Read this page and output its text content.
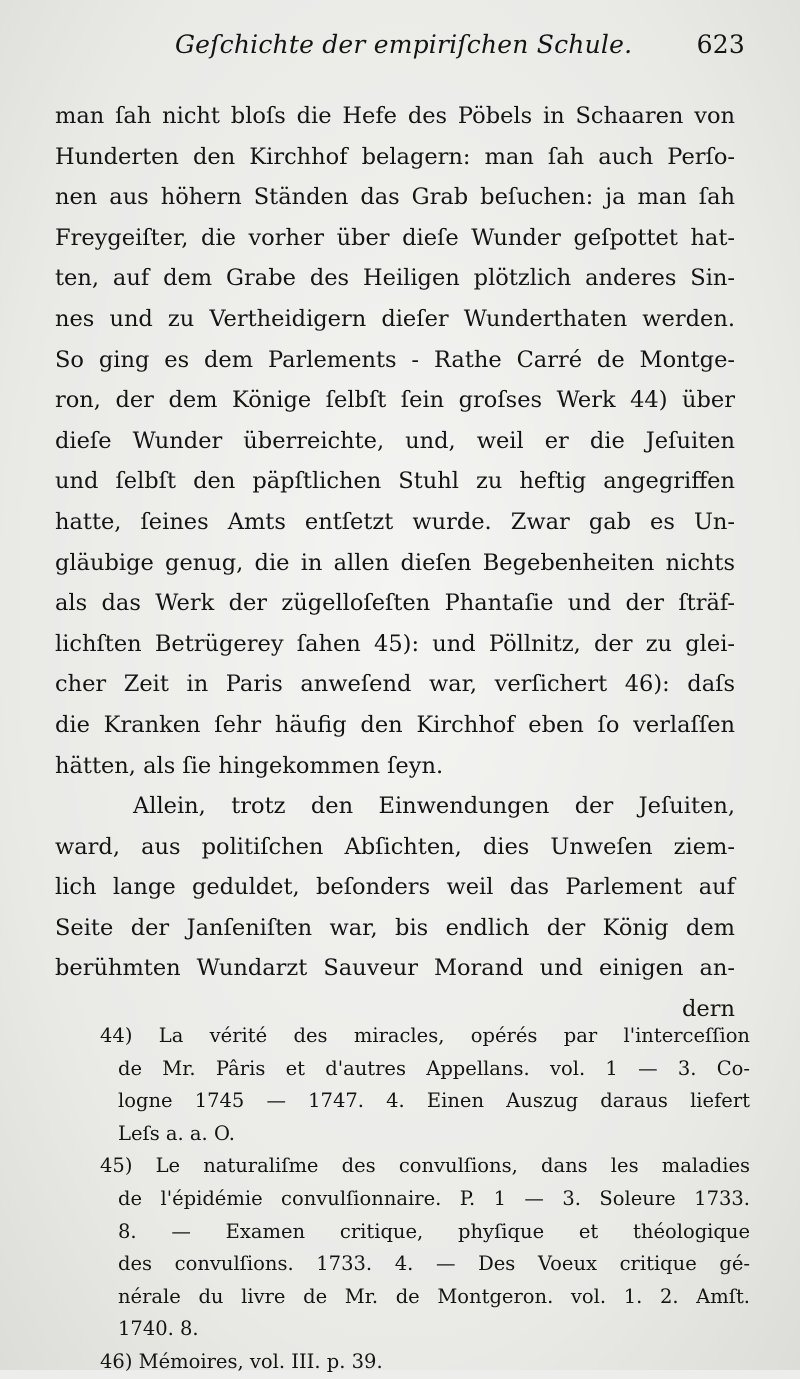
Geſchichte der empiriſchen Schule.	623
man ſah nicht bloſs die Hefe des Pöbels in Schaaren von
Hunderten den Kirchhof belagern: man ſah auch Perſo-
nen aus höhern Ständen das Grab beſuchen: ja man ſah
Freygeiſter, die vorher über dieſe Wunder geſpottet hat-
ten, auf dem Grabe des Heiligen plötzlich anderes Sin-
nes und zu Vertheidigern dieſer Wunderthaten werden.
So ging es dem Parlements - Rathe Carré de Montge-
ron, der dem Könige ſelbſt ſein groſses Werk 44) über
dieſe Wunder überreichte, und, weil er die Jeſuiten
und ſelbſt den päpſtlichen Stuhl zu heftig angegriffen
hatte, ſeines Amts entſetzt wurde. Zwar gab es Un-
gläubige genug, die in allen dieſen Begebenheiten nichts
als das Werk der zügelloſeſten Phantaſie und der ſträf-
lichſten Betrügerey ſahen 45): und Pöllnitz, der zu glei-
cher Zeit in Paris anweſend war, verſichert 46): daſs
die Kranken ſehr häufig den Kirchhof eben ſo verlaſſen
hätten, als ſie hingekommen ſeyn.
Allein, trotz den Einwendungen der Jeſuiten,
ward, aus politiſchen Abſichten, dies Unweſen ziem-
lich lange geduldet, beſonders weil das Parlement auf
Seite der Janſeniſten war, bis endlich der König dem
berühmten Wundarzt Sauveur Morand und einigen an-
dern
44) La vérité des miracles, opérés par l'interceſſion
de Mr. Pâris et d'autres Appellans. vol. 1 — 3. Co-
logne 1745 — 1747. 4. Einen Auszug daraus liefert
Leſs a. a. O.
45) Le naturaliſme des convulſions, dans les maladies
de l'épidémie convulſionnaire. P. 1 — 3. Soleure 1733.
8. — Examen critique, phyſique et théologique
des convulſions. 1733. 4. — Des Voeux critique gé-
nérale du livre de Mr. de Montgeron. vol. 1. 2. Amſt.
1740. 8.
46) Mémoires, vol. III. p. 39.
